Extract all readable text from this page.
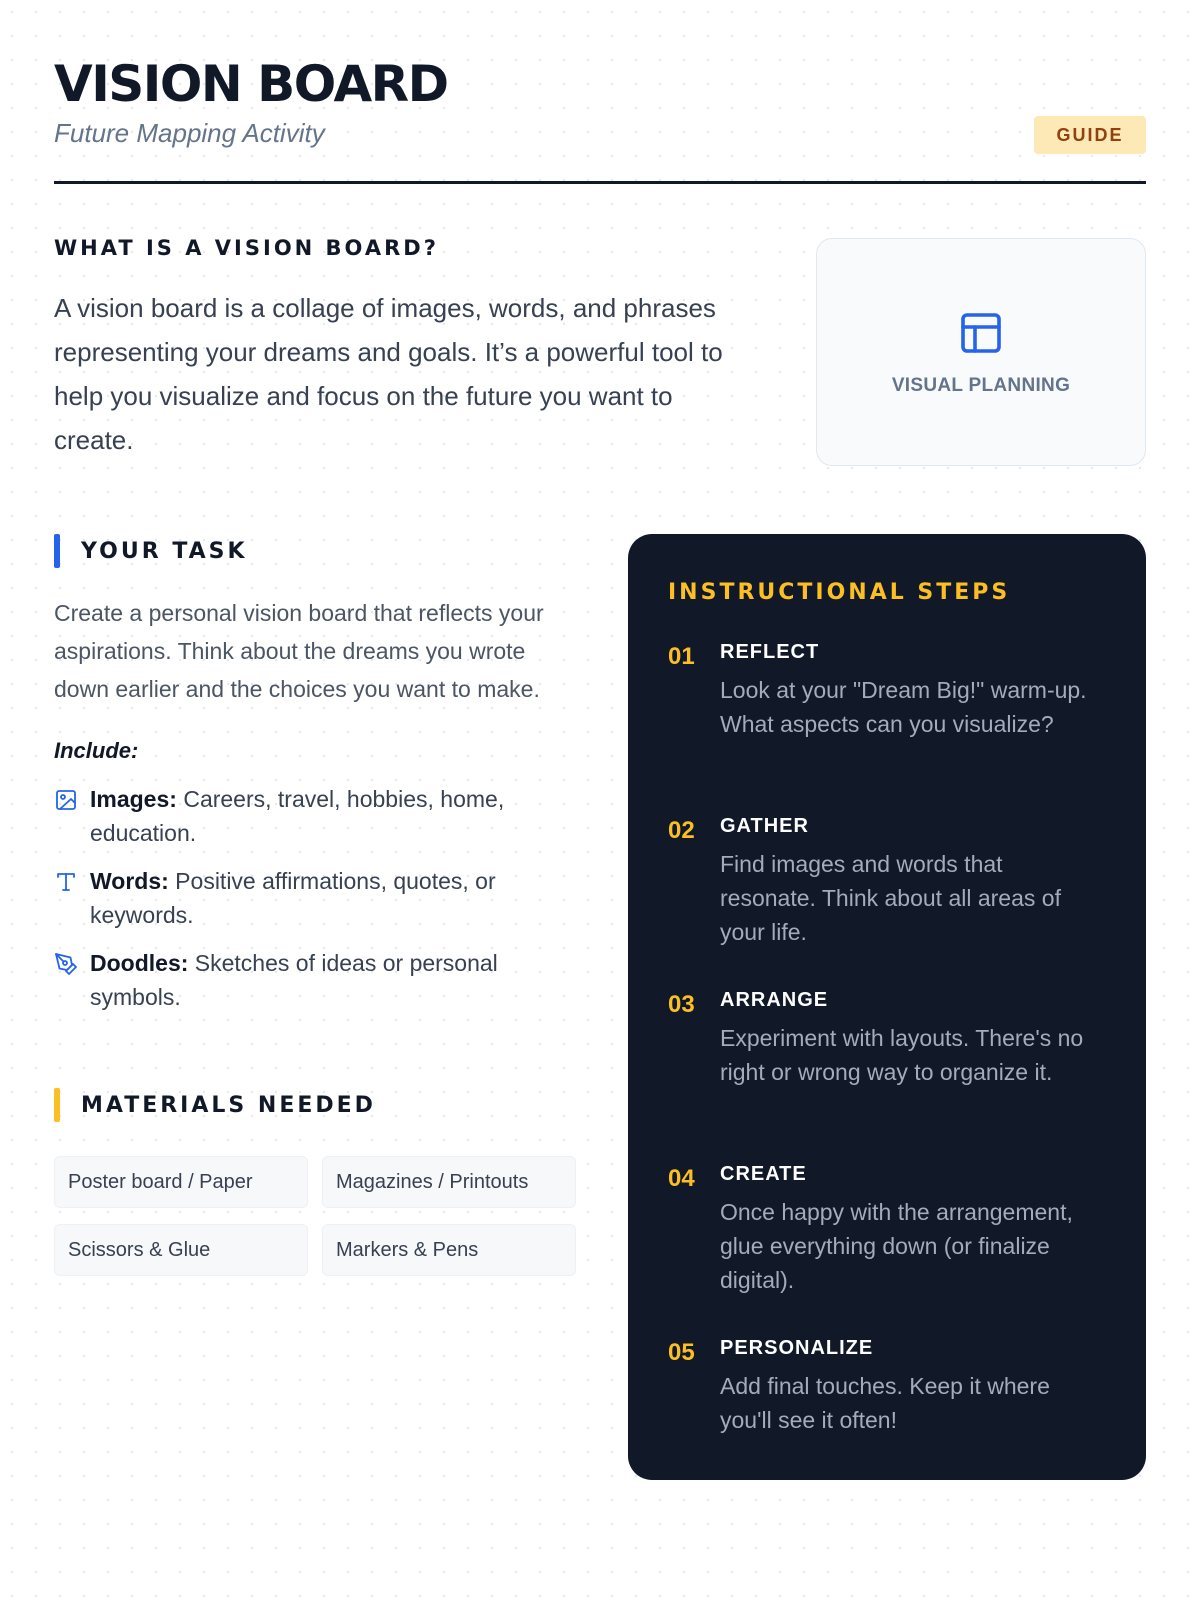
VISION BOARD
Future Mapping Activity	GUIDE
WHAT IS A VISION BOARD?

A vision board is a collage of images, words, and phrases representing your dreams and goals. It’s a powerful tool to help you visualize and focus on the future you want to create.

VISUAL PLANNING
YOUR TASK

Create a personal vision board that reflects your aspirations. Think about the dreams you wrote down earlier and the choices you want to make.

Include:
Images: Careers, travel, hobbies, home, education.
Words: Positive affirmations, quotes, or keywords.
Doodles: Sketches of ideas or personal symbols.
MATERIALS NEEDED
Poster board / Paper	Magazines / Printouts
Scissors & Glue	Markers & Pens
INSTRUCTIONAL STEPS
01	REFLECT
Look at your "Dream Big!" warm-up. What aspects can you visualize?
02	GATHER
Find images and words that resonate. Think about all areas of your life.
03	ARRANGE
Experiment with layouts. There's no right or wrong way to organize it.
04	CREATE
Once happy with the arrangement, glue everything down (or finalize digital).
05	PERSONALIZE
Add final touches. Keep it where you'll see it often!
